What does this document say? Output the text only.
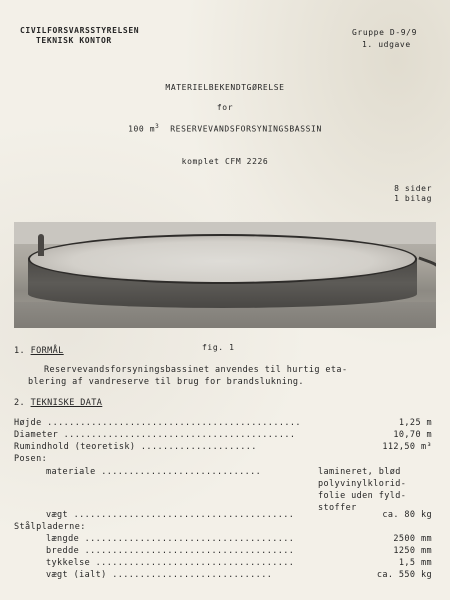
CIVILFORSVARSSTYRELSEN
TEKNISK KONTOR
Gruppe D-9/9
1. udgave
MATERIELBEKENDTGØRELSE
for
100 $m^3$ RESERVEVANDSFORSYNINGSBASSIN
komplet CFM 2226
8 sider
1 bilag
1. FORMÅL	fig. 1
Reservevandsforsyningsbassinet anvendes til hurtig eta-
blering af vandreserve til brug for brandslukning.
2. TEKNISKE DATA
Højde ..............................................	1,25 m
Diameter ..........................................	10,70 m
Rumindhold (teoretisk) .....................	112,50 m³
Posen:
materiale .............................	lamineret, blød
polyvinylklorid-
folie uden fyld-
stoffer
vægt ........................................	ca. 80 kg
Stålpladerne:
længde ......................................	2500 mm
bredde ......................................	1250 mm
tykkelse ....................................	1,5 mm
vægt (ialt) .............................	ca. 550 kg
